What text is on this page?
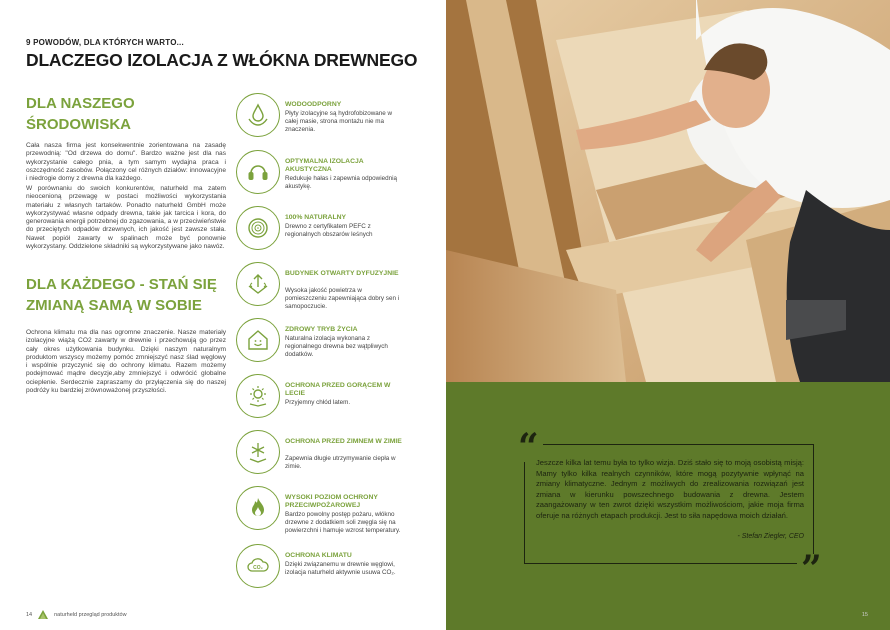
9 POWODÓW, DLA KTÓRYCH WARTO...
DLACZEGO IZOLACJA Z WŁÓKNA DREWNEGO
DLA NASZEGO ŚRODOWISKA

Cała nasza firma jest konsekwentnie zorientowana na zasadę przewodnią: "Od drzewa do domu". Bardzo ważne jest dla nas wykorzystanie całego pnia, a tym samym wydajna praca i oszczędność zasobów. Połączony cel różnych działów: innowacyjne i niedrogie domy z drewna dla każdego.

W porównaniu do swoich konkurentów, naturheld ma zatem nieocenioną przewagę w postaci możliwości wykorzystania materiału z własnych tartaków. Ponadto naturheld GmbH może wykorzystywać własne odpady drewna, takie jak tarcica i kora, do generowania energii potrzebnej do zgazowania, a w przeciwieństwie do przeciętych odpadów drzewnych, ich jakość jest zawsze stała. Nawet popiół zawarty w spalinach może być ponownie wykorzystany. Oddzielone składniki są wykorzystywane jako nawóz.

DLA KAŻDEGO - STAŃ SIĘ ZMIANĄ SAMĄ W SOBIE

Ochrona klimatu ma dla nas ogromne znaczenie. Nasze materiały izolacyjne wiążą CO2 zawarty w drewnie i przechowują go przez cały okres użytkowania budynku. Dzięki naszym naturalnym produktom wszyscy możemy pomóc zmniejszyć nasz ślad węglowy i wspólnie przyczynić się do ochrony klimatu. Razem możemy podejmować mądre decyzje,aby zmniejszyć i odwrócić globalne ocieplenie. Serdecznie zapraszamy do przyłączenia się do naszej podróży ku bardziej zrównoważonej przyszłości.

WODOODPORNY
Płyty izolacyjne są hydrofobizowane w całej masie, strona montażu nie ma znaczenia.
OPTYMALNA IZOLACJA AKUSTYCZNA
Redukuje hałas i zapewnia odpowiednią akustykę.
100% NATURALNY
Drewno z certyfikatem PEFC z regionalnych obszarów leśnych
BUDYNEK OTWARTY DYFUZYJNIE
Wysoka jakość powietrza w pomieszczeniu zapewniająca dobry sen i samopoczucie.
ZDROWY TRYB ŻYCIA
Naturalna izolacja wykonana z regionalnego drewna bez wątpliwych dodatków.
OCHRONA PRZED GORĄCEM W LECIE
Przyjemny chłód latem.
OCHRONA PRZED ZIMNEM W ZIMIE
Zapewnia długie utrzymywanie ciepła w zimie.
WYSOKI POZIOM OCHRONY PRZECIWPOŻAROWEJ
Bardzo powolny postęp pożaru, włókno drzewne z dodatkiem soli zwęgla się na powierzchni i hamuje wzrost temperatury.
CO₂
OCHRONA KLIMATU
Dzięki związanemu w drewnie węglowi, izolacja naturheld aktywnie usuwa CO₂.
14	naturheld przegląd produktów
“
”

Jeszcze kilka lat temu była to tylko wizja. Dziś stało się to moją osobistą misją: Mamy tylko kilka realnych czynników, które mogą pozytywnie wpłynąć na zmiany klimatyczne. Jednym z możliwych do zrealizowania rozwiązań jest zmiana w kierunku powszechnego budowania z drewna. Jestem zaangażowany w ten zwrot dzięki wszystkim możliwościom, jakie moja firma oferuje na różnych etapach produkcji. Jest to siła napędowa moich działań.

- Stefan Ziegler, CEO
15
